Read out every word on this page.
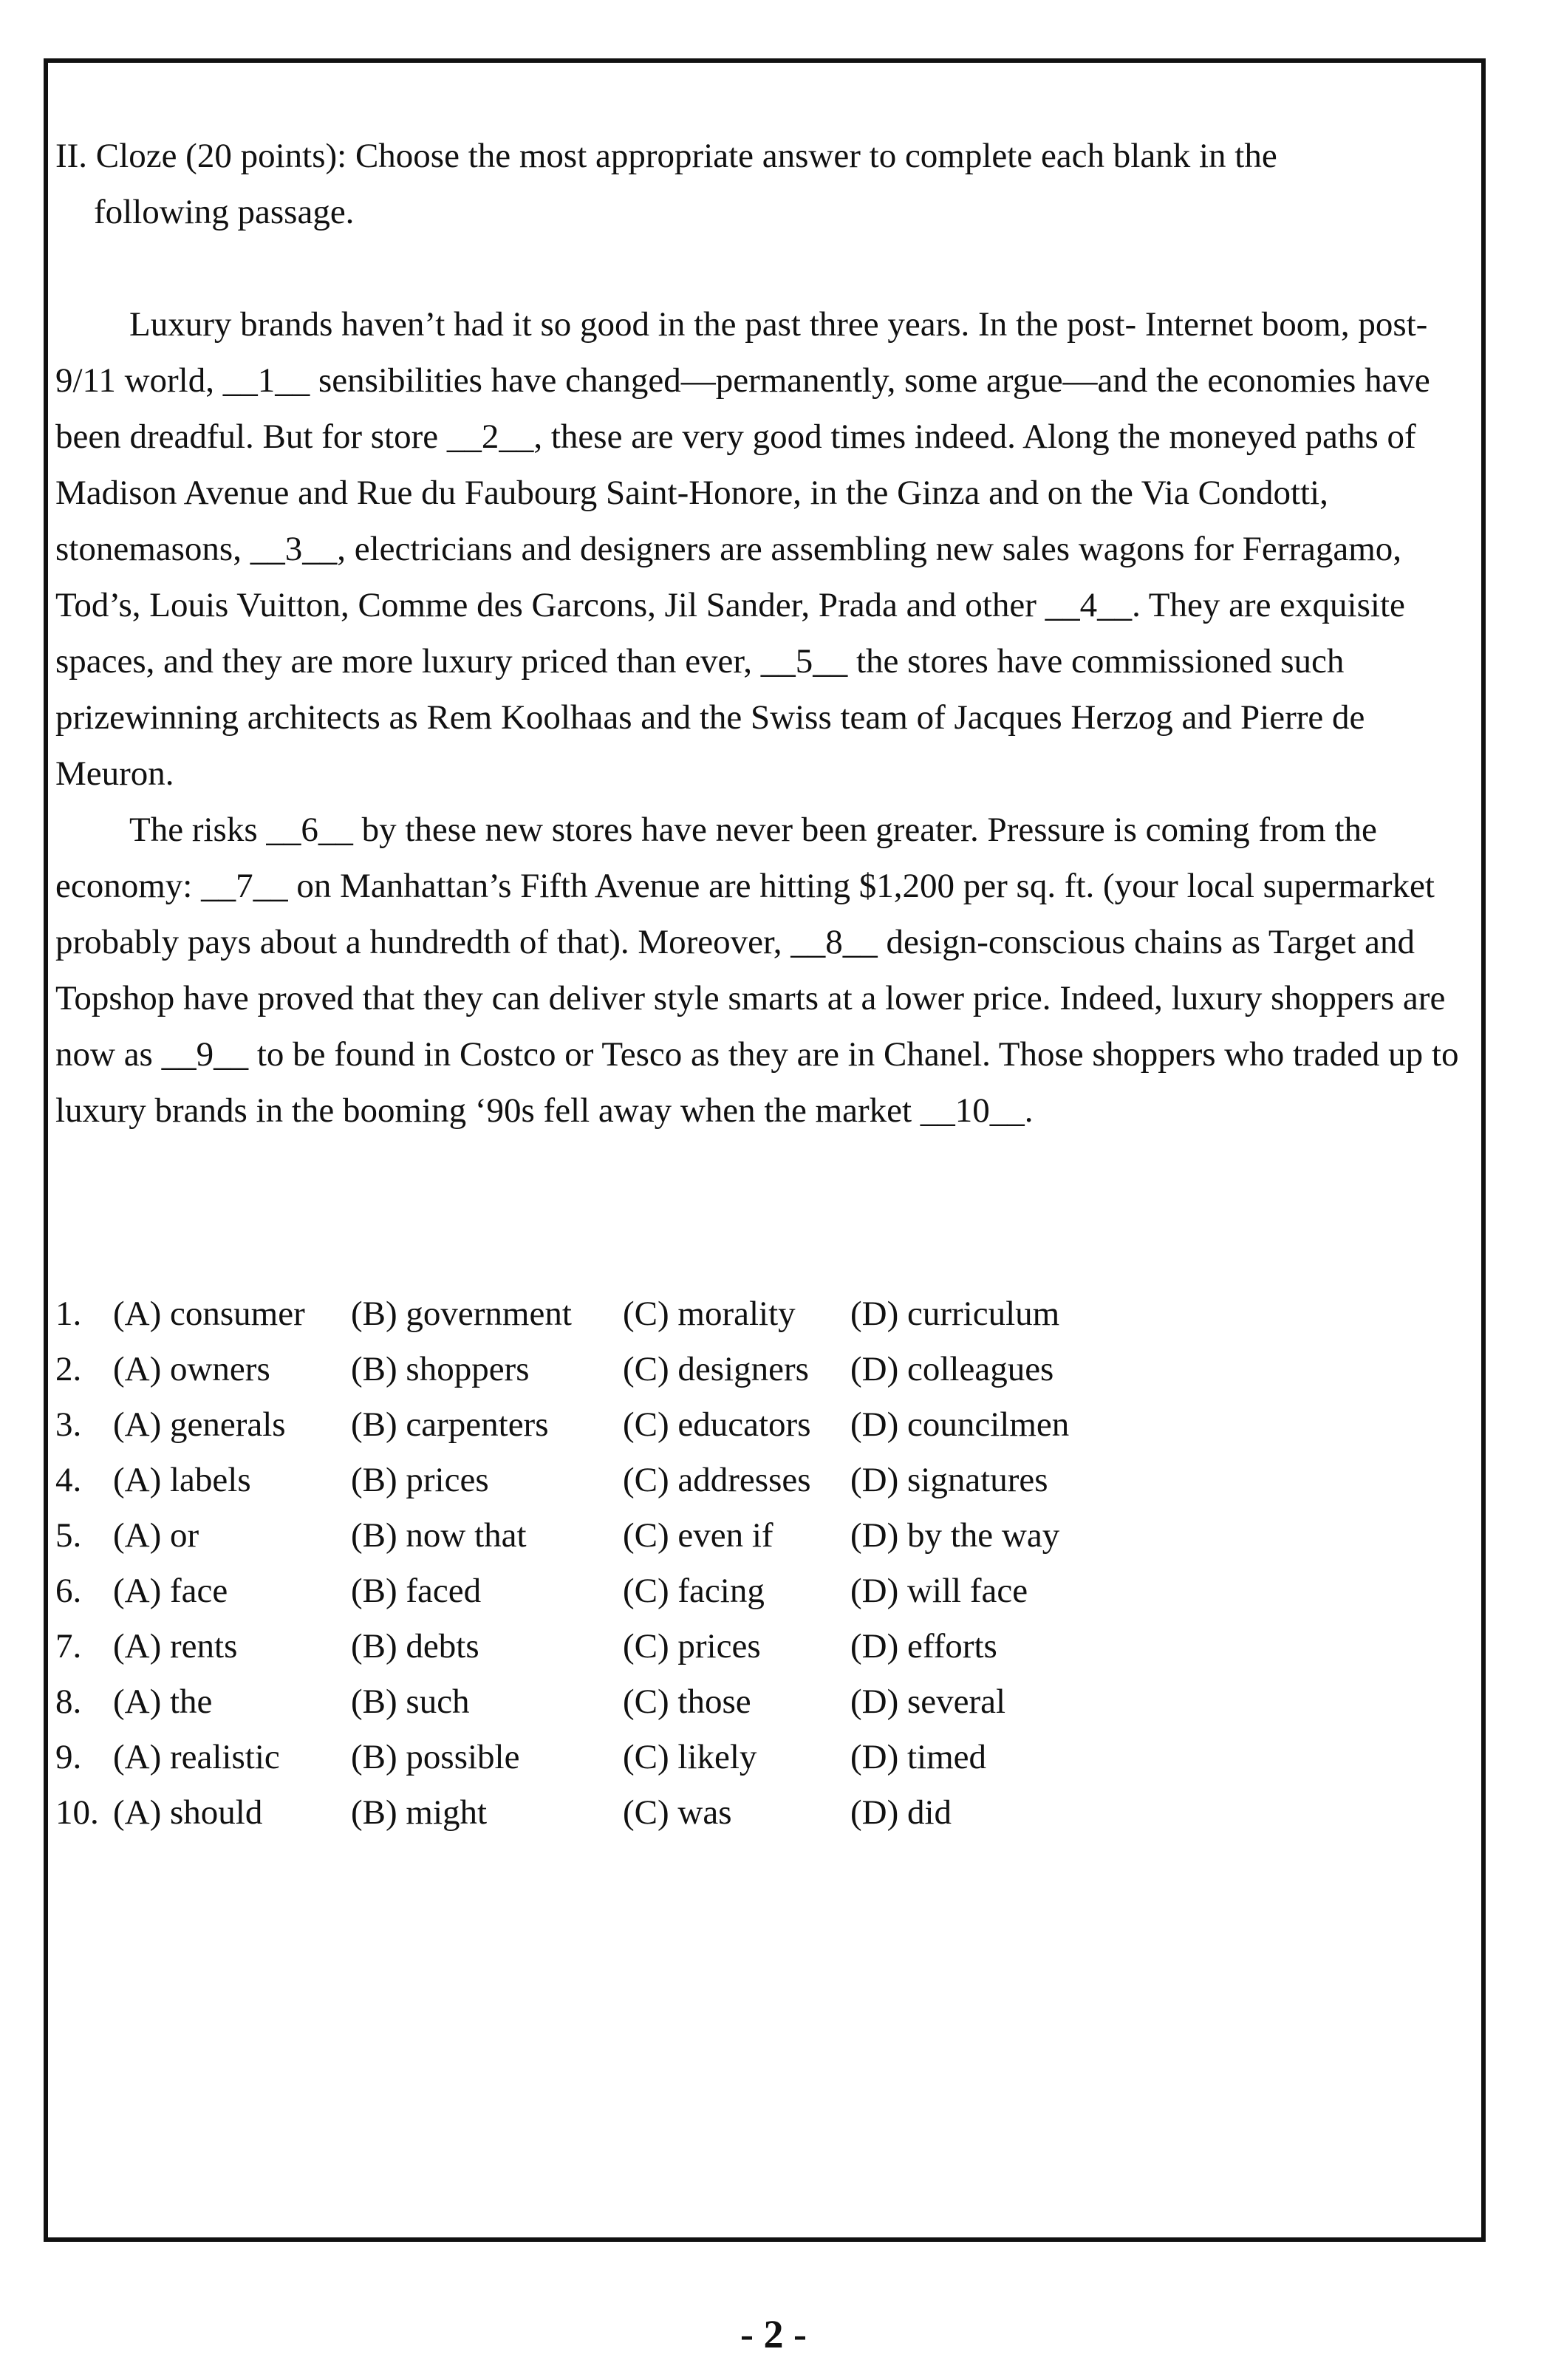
II. Cloze (20 points): Choose the most appropriate answer to complete each blank in the

following passage.

Luxury brands haven’t had it so good in the past three years. In the post- Internet boom, post-9/11 world, __1__ sensibilities have changed—permanently, some argue—and the economies have been dreadful. But for store __2__, these are very good times indeed. Along the moneyed paths of Madison Avenue and Rue du Faubourg Saint-Honore, in the Ginza and on the Via Condotti, stonemasons, __3__, electricians and designers are assembling new sales wagons for Ferragamo, Tod’s, Louis Vuitton, Comme des Garcons, Jil Sander, Prada and other __4__. They are exquisite spaces, and they are more luxury priced than ever, __5__ the stores have commissioned such prizewinning architects as Rem Koolhaas and the Swiss team of Jacques Herzog and Pierre de Meuron.

The risks __6__ by these new stores have never been greater. Pressure is coming from the economy: __7__ on Manhattan’s Fifth Avenue are hitting $1,200 per sq. ft. (your local supermarket probably pays about a hundredth of that). Moreover, __8__ design-conscious chains as Target and Topshop have proved that they can deliver style smarts at a lower price. Indeed, luxury shoppers are now as __9__ to be found in Costco or Tesco as they are in Chanel. Those shoppers who traded up to luxury brands in the booming ‘90s fell away when the market __10__.

1. (A) consumer (B) government (C) morality (D) curriculum
2. (A) owners (B) shoppers	(C) designers (D) colleagues
3. (A) generals (B) carpenters (C) educators (D) councilmen
4. (A) labels	(B) prices	(C) addresses (D) signatures
5. (A) or	(B) now that	(C) even if (D) by the way
6. (A) face	(B) faced	(C) facing (D) will face
7. (A) rents	(B) debts	(C) prices	(D) efforts
8. (A) the	(B) such	(C) those	(D) several
9. (A) realistic (B) possible	(C) likely	(D) timed
10. (A) should	(B) might	(C) was	(D) did
- 2 -
